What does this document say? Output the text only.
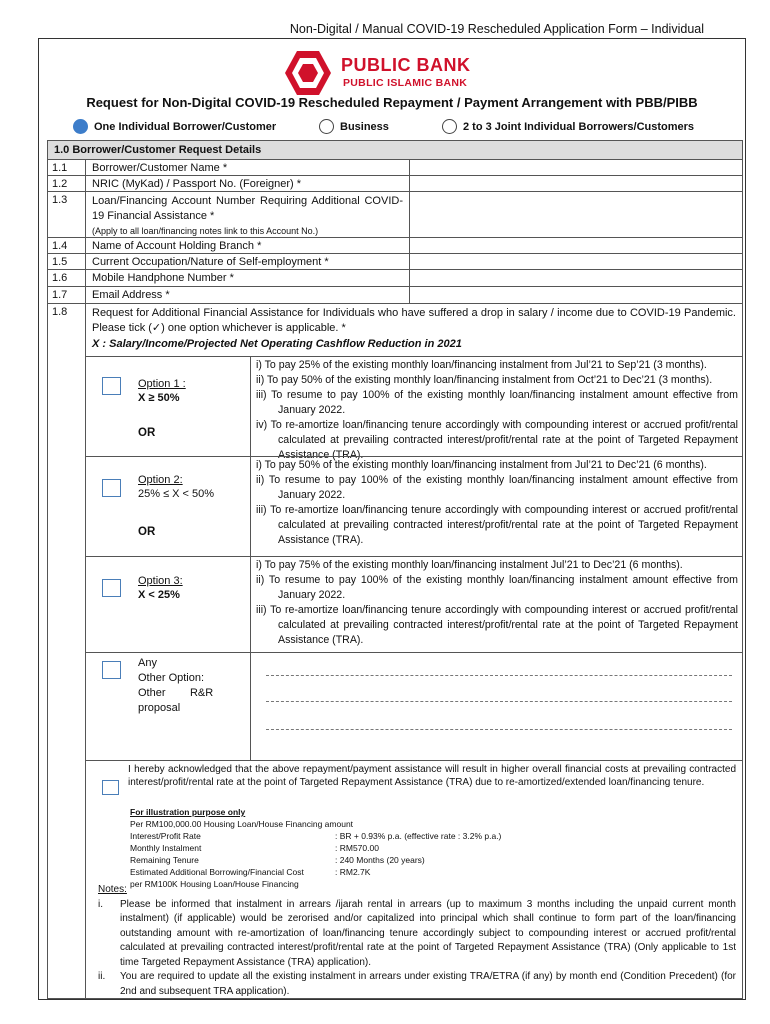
Non-Digital / Manual COVID-19 Rescheduled Application Form – Individual
PUBLIC BANK
PUBLIC ISLAMIC BANK
Request for Non-Digital COVID-19 Rescheduled Repayment / Payment Arrangement with PBB/PIBB
One Individual Borrower/Customer	Business	2 to 3 Joint Individual Borrowers/Customers
1.0 Borrower/Customer Request Details
1.1	Borrower/Customer Name *
1.2	NRIC (MyKad) / Passport No. (Foreigner) *
1.3	Loan/Financing Account Number Requiring Additional COVID-19 Financial Assistance *
(Apply to all loan/financing notes link to this Account No.)
1.4	Name of Account Holding Branch *
1.5	Current Occupation/Nature of Self-employment *
1.6	Mobile Handphone Number *
1.7	Email Address *
1.8	Request for Additional Financial Assistance for Individuals who have suffered a drop in salary / income due to COVID-19 Pandemic. Please tick (✓) one option whichever is applicable. *
X : Salary/Income/Projected Net Operating Cashflow Reduction in 2021
Option 1 :
X ≥ 50%
OR

i) To pay 25% of the existing monthly loan/financing instalment from Jul’21 to Sep’21 (3 months).

ii) To pay 50% of the existing monthly loan/financing instalment from Oct’21 to Dec’21 (3 months).

iii) To resume to pay 100% of the existing monthly loan/financing instalment amount effective from January 2022.

iv) To re-amortize loan/financing tenure accordingly with compounding interest or accrued profit/rental calculated at prevailing contracted interest/profit/rental rate at the point of Targeted Repayment Assistance (TRA).

Option 2:
25% ≤ X < 50%
OR

i) To pay 50% of the existing monthly loan/financing instalment from Jul’21 to Dec’21 (6 months).

ii) To resume to pay 100% of the existing monthly loan/financing instalment amount effective from January 2022.

iii) To re-amortize loan/financing tenure accordingly with compounding interest or accrued profit/rental calculated at prevailing contracted interest/profit/rental rate at the point of Targeted Repayment Assistance (TRA).

Option 3:
X < 25%

i) To pay 75% of the existing monthly loan/financing instalment Jul’21 to Dec’21 (6 months).

ii) To resume to pay 100% of the existing monthly loan/financing instalment amount effective from January 2022.

iii) To re-amortize loan/financing tenure accordingly with compounding interest or accrued profit/rental calculated at prevailing contracted interest/profit/rental rate at the point of Targeted Repayment Assistance (TRA).

Any
Other Option:
Other        R&R
proposal
I hereby acknowledged that the above repayment/payment assistance will result in higher overall financial costs at prevailing contracted interest/profit/rental rate at the point of Targeted Repayment Assistance (TRA) due to re-amortized/extended loan/financing tenure.
For illustration purpose only
Per RM100,000.00 Housing Loan/House Financing amount
Interest/Profit Rate	: BR + 0.93% p.a. (effective rate : 3.2% p.a.)
Monthly Instalment	: RM570.00
Remaining Tenure	: 240 Months (20 years)
Estimated Additional Borrowing/Financial Cost	: RM2.7K
per RM100K Housing Loan/House Financing
Notes:
i. Please be informed that instalment in arrears /ijarah rental in arrears (up to maximum 3 months including the unpaid current month instalment) (if applicable) would be zerorised and/or capitalized into principal which shall continue to form part of the loan/financing outstanding amount with re-amortization of loan/financing tenure accordingly subject to compounding interest or accrued profit/rental calculated at prevailing contracted interest/profit/rental rate at the point of Targeted Repayment Assistance (TRA) (Only applicable to 1st time Targeted Repayment Assistance (TRA) application).
ii. You are required to update all the existing instalment in arrears under existing TRA/ETRA (if any) by month end (Condition Precedent) (for 2nd and subsequent TRA application).
